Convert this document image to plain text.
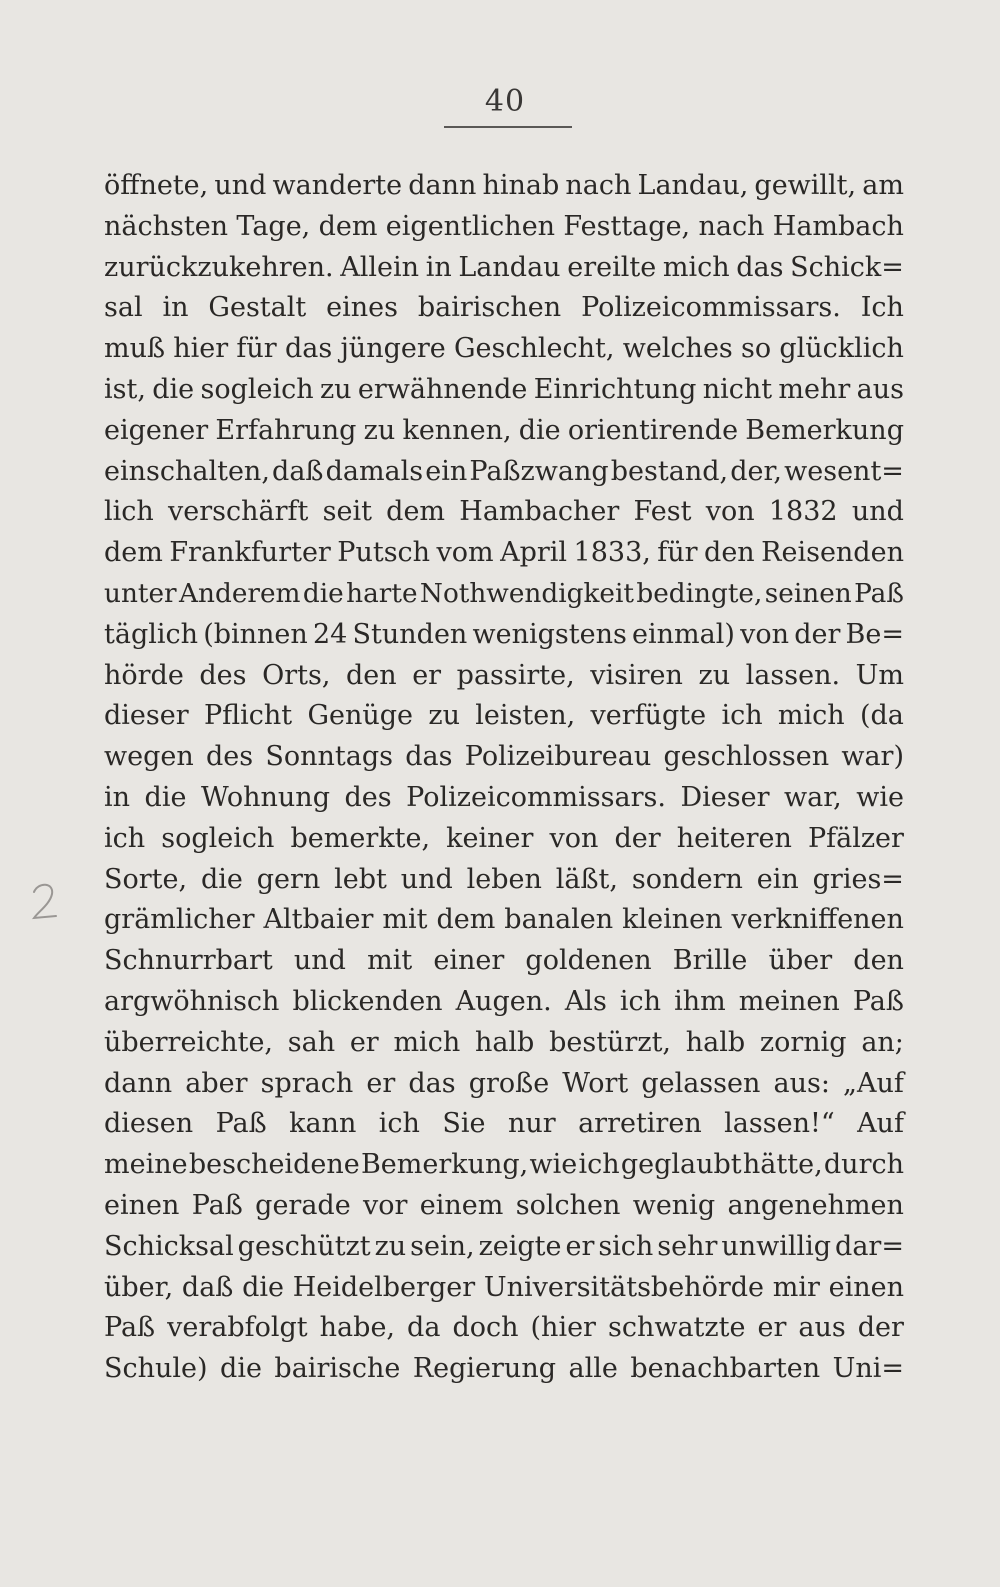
40
öffnete, und wanderte dann hinab nach Landau, gewillt, am
nächsten Tage, dem eigentlichen Festtage, nach Hambach
zurückzukehren. Allein in Landau ereilte mich das Schick=
sal in Gestalt eines bairischen Polizeicommissars. Ich
muß hier für das jüngere Geschlecht, welches so glücklich
ist, die sogleich zu erwähnende Einrichtung nicht mehr aus
eigener Erfahrung zu kennen, die orientirende Bemerkung
einschalten, daß damals ein Paßzwang bestand, der, wesent=
lich verschärft seit dem Hambacher Fest von 1832 und
dem Frankfurter Putsch vom April 1833, für den Reisenden
unter Anderem die harte Nothwendigkeit bedingte, seinen Paß
täglich (binnen 24 Stunden wenigstens einmal) von der Be=
hörde des Orts, den er passirte, visiren zu lassen. Um
dieser Pflicht Genüge zu leisten, verfügte ich mich (da
wegen des Sonntags das Polizeibureau geschlossen war)
in die Wohnung des Polizeicommissars. Dieser war, wie
ich sogleich bemerkte, keiner von der heiteren Pfälzer
Sorte, die gern lebt und leben läßt, sondern ein gries=
grämlicher Altbaier mit dem banalen kleinen verkniffenen
Schnurrbart und mit einer goldenen Brille über den
argwöhnisch blickenden Augen. Als ich ihm meinen Paß
überreichte, sah er mich halb bestürzt, halb zornig an;
dann aber sprach er das große Wort gelassen aus: „Auf
diesen Paß kann ich Sie nur arretiren lassen!“ Auf
meine bescheidene Bemerkung, wie ich geglaubt hätte, durch
einen Paß gerade vor einem solchen wenig angenehmen
Schicksal geschützt zu sein, zeigte er sich sehr unwillig dar=
über, daß die Heidelberger Universitätsbehörde mir einen
Paß verabfolgt habe, da doch (hier schwatzte er aus der
Schule) die bairische Regierung alle benachbarten Uni=
